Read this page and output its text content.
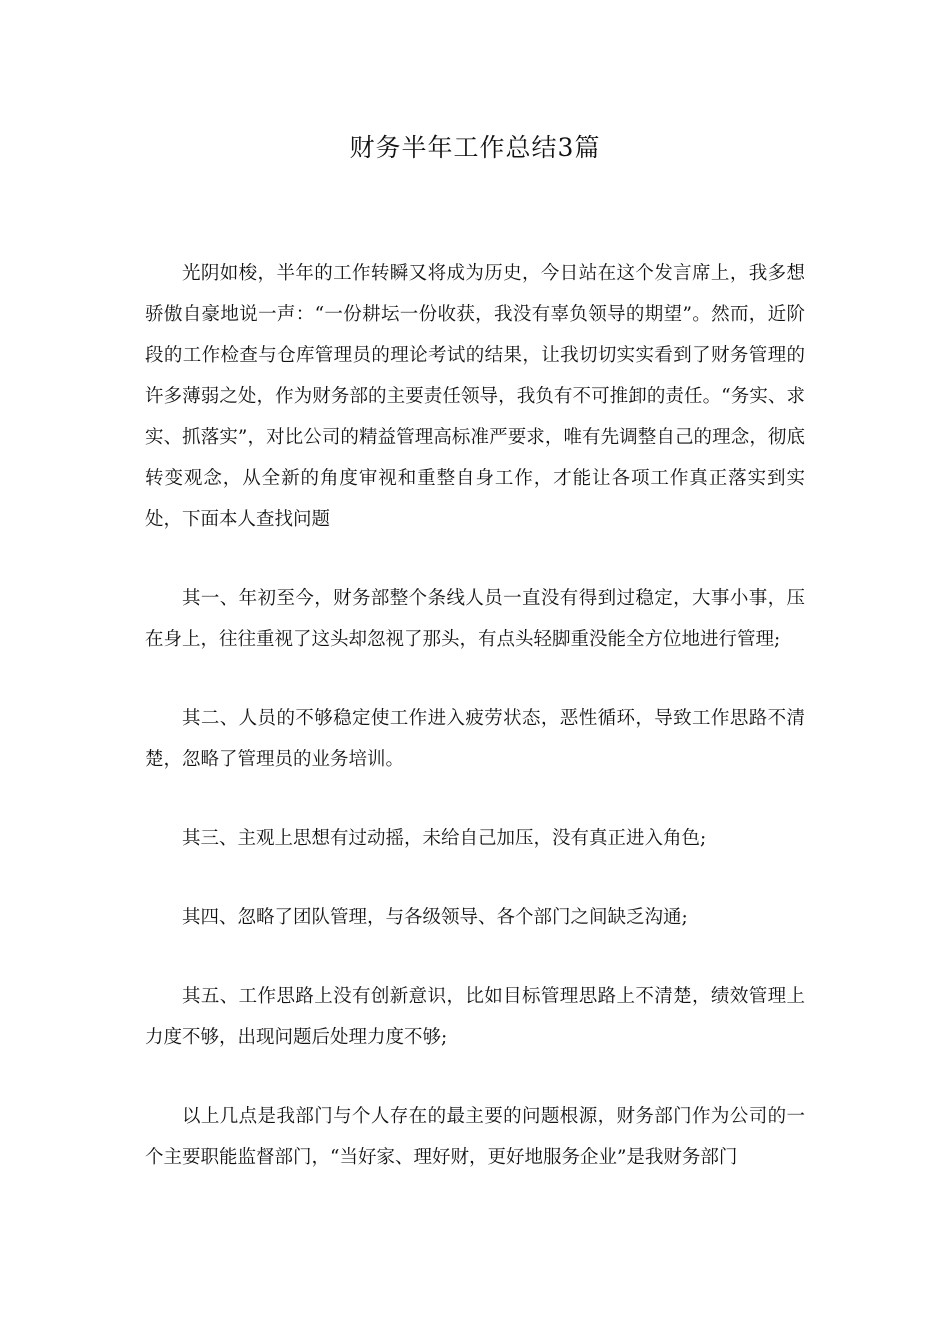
财务半年工作总结3篇

光阴如梭，半年的工作转瞬又将成为历史，今日站在这个发言席上，我多想骄傲自豪地说一声：“一份耕坛一份收获，我没有辜负领导的期望”。然而，近阶段的工作检查与仓库管理员的理论考试的结果，让我切切实实看到了财务管理的许多薄弱之处，作为财务部的主要责任领导，我负有不可推卸的责任。“务实、求实、抓落实”，对比公司的精益管理高标准严要求，唯有先调整自己的理念，彻底转变观念，从全新的角度审视和重整自身工作，才能让各项工作真正落实到实处，下面本人查找问题

其一、年初至今，财务部整个条线人员一直没有得到过稳定，大事小事，压在身上，往往重视了这头却忽视了那头，有点头轻脚重没能全方位地进行管理;

其二、人员的不够稳定使工作进入疲劳状态，恶性循环，导致工作思路不清楚，忽略了管理员的业务培训。

其三、主观上思想有过动摇，未给自己加压，没有真正进入角色;

其四、忽略了团队管理，与各级领导、各个部门之间缺乏沟通;

其五、工作思路上没有创新意识，比如目标管理思路上不清楚，绩效管理上力度不够，出现问题后处理力度不够;

以上几点是我部门与个人存在的最主要的问题根源，财务部门作为公司的一个主要职能监督部门，“当好家、理好财，更好地服务企业”是我财务部门
